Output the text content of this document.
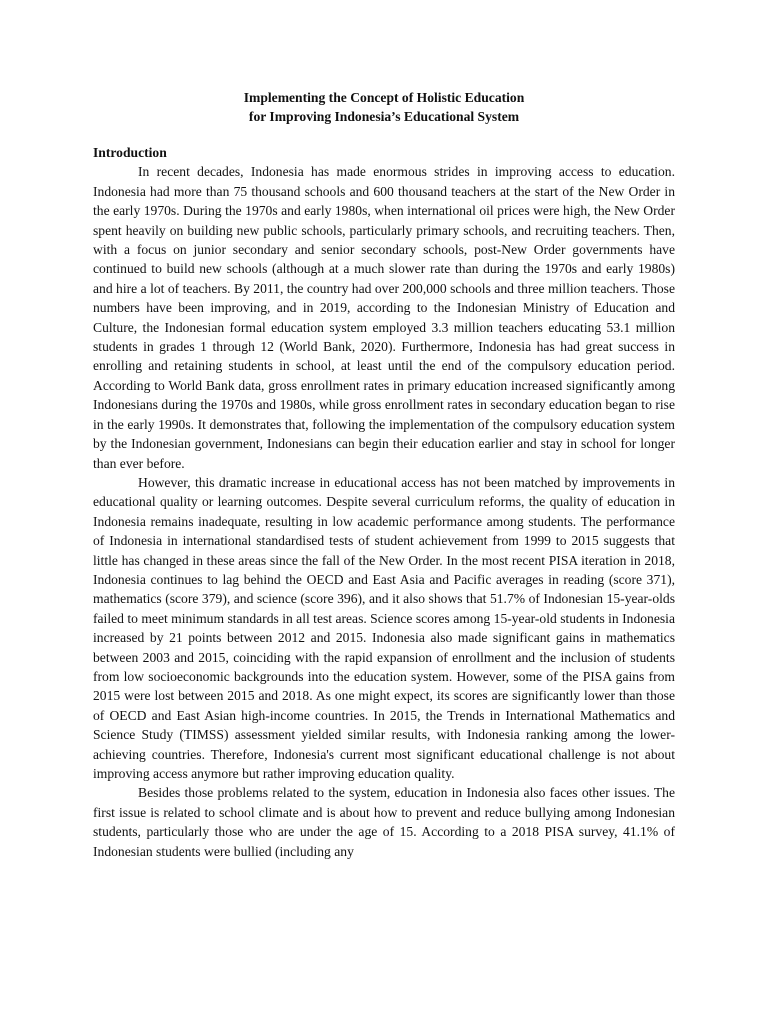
Implementing the Concept of Holistic Education
for Improving Indonesia’s Educational System
Introduction

In recent decades, Indonesia has made enormous strides in improving access to education. Indonesia had more than 75 thousand schools and 600 thousand teachers at the start of the New Order in the early 1970s. During the 1970s and early 1980s, when international oil prices were high, the New Order spent heavily on building new public schools, particularly primary schools, and recruiting teachers. Then, with a focus on junior secondary and senior secondary schools, post-New Order governments have continued to build new schools (although at a much slower rate than during the 1970s and early 1980s) and hire a lot of teachers. By 2011, the country had over 200,000 schools and three million teachers. Those numbers have been improving, and in 2019, according to the Indonesian Ministry of Education and Culture, the Indonesian formal education system employed 3.3 million teachers educating 53.1 million students in grades 1 through 12 (World Bank, 2020). Furthermore, Indonesia has had great success in enrolling and retaining students in school, at least until the end of the compulsory education period. According to World Bank data, gross enrollment rates in primary education increased significantly among Indonesians during the 1970s and 1980s, while gross enrollment rates in secondary education began to rise in the early 1990s. It demonstrates that, following the implementation of the compulsory education system by the Indonesian government, Indonesians can begin their education earlier and stay in school for longer than ever before.

However, this dramatic increase in educational access has not been matched by improvements in educational quality or learning outcomes. Despite several curriculum reforms, the quality of education in Indonesia remains inadequate, resulting in low academic performance among students. The performance of Indonesia in international standardised tests of student achievement from 1999 to 2015 suggests that little has changed in these areas since the fall of the New Order. In the most recent PISA iteration in 2018, Indonesia continues to lag behind the OECD and East Asia and Pacific averages in reading (score 371), mathematics (score 379), and science (score 396), and it also shows that 51.7% of Indonesian 15-year-olds failed to meet minimum standards in all test areas. Science scores among 15-year-old students in Indonesia increased by 21 points between 2012 and 2015. Indonesia also made significant gains in mathematics between 2003 and 2015, coinciding with the rapid expansion of enrollment and the inclusion of students from low socioeconomic backgrounds into the education system. However, some of the PISA gains from 2015 were lost between 2015 and 2018. As one might expect, its scores are significantly lower than those of OECD and East Asian high-income countries. In 2015, the Trends in International Mathematics and Science Study (TIMSS) assessment yielded similar results, with Indonesia ranking among the lower-achieving countries. Therefore, Indonesia's current most significant educational challenge is not about improving access anymore but rather improving education quality.

Besides those problems related to the system, education in Indonesia also faces other issues. The first issue is related to school climate and is about how to prevent and reduce bullying among Indonesian students, particularly those who are under the age of 15. According to a 2018 PISA survey, 41.1% of Indonesian students were bullied (including any
